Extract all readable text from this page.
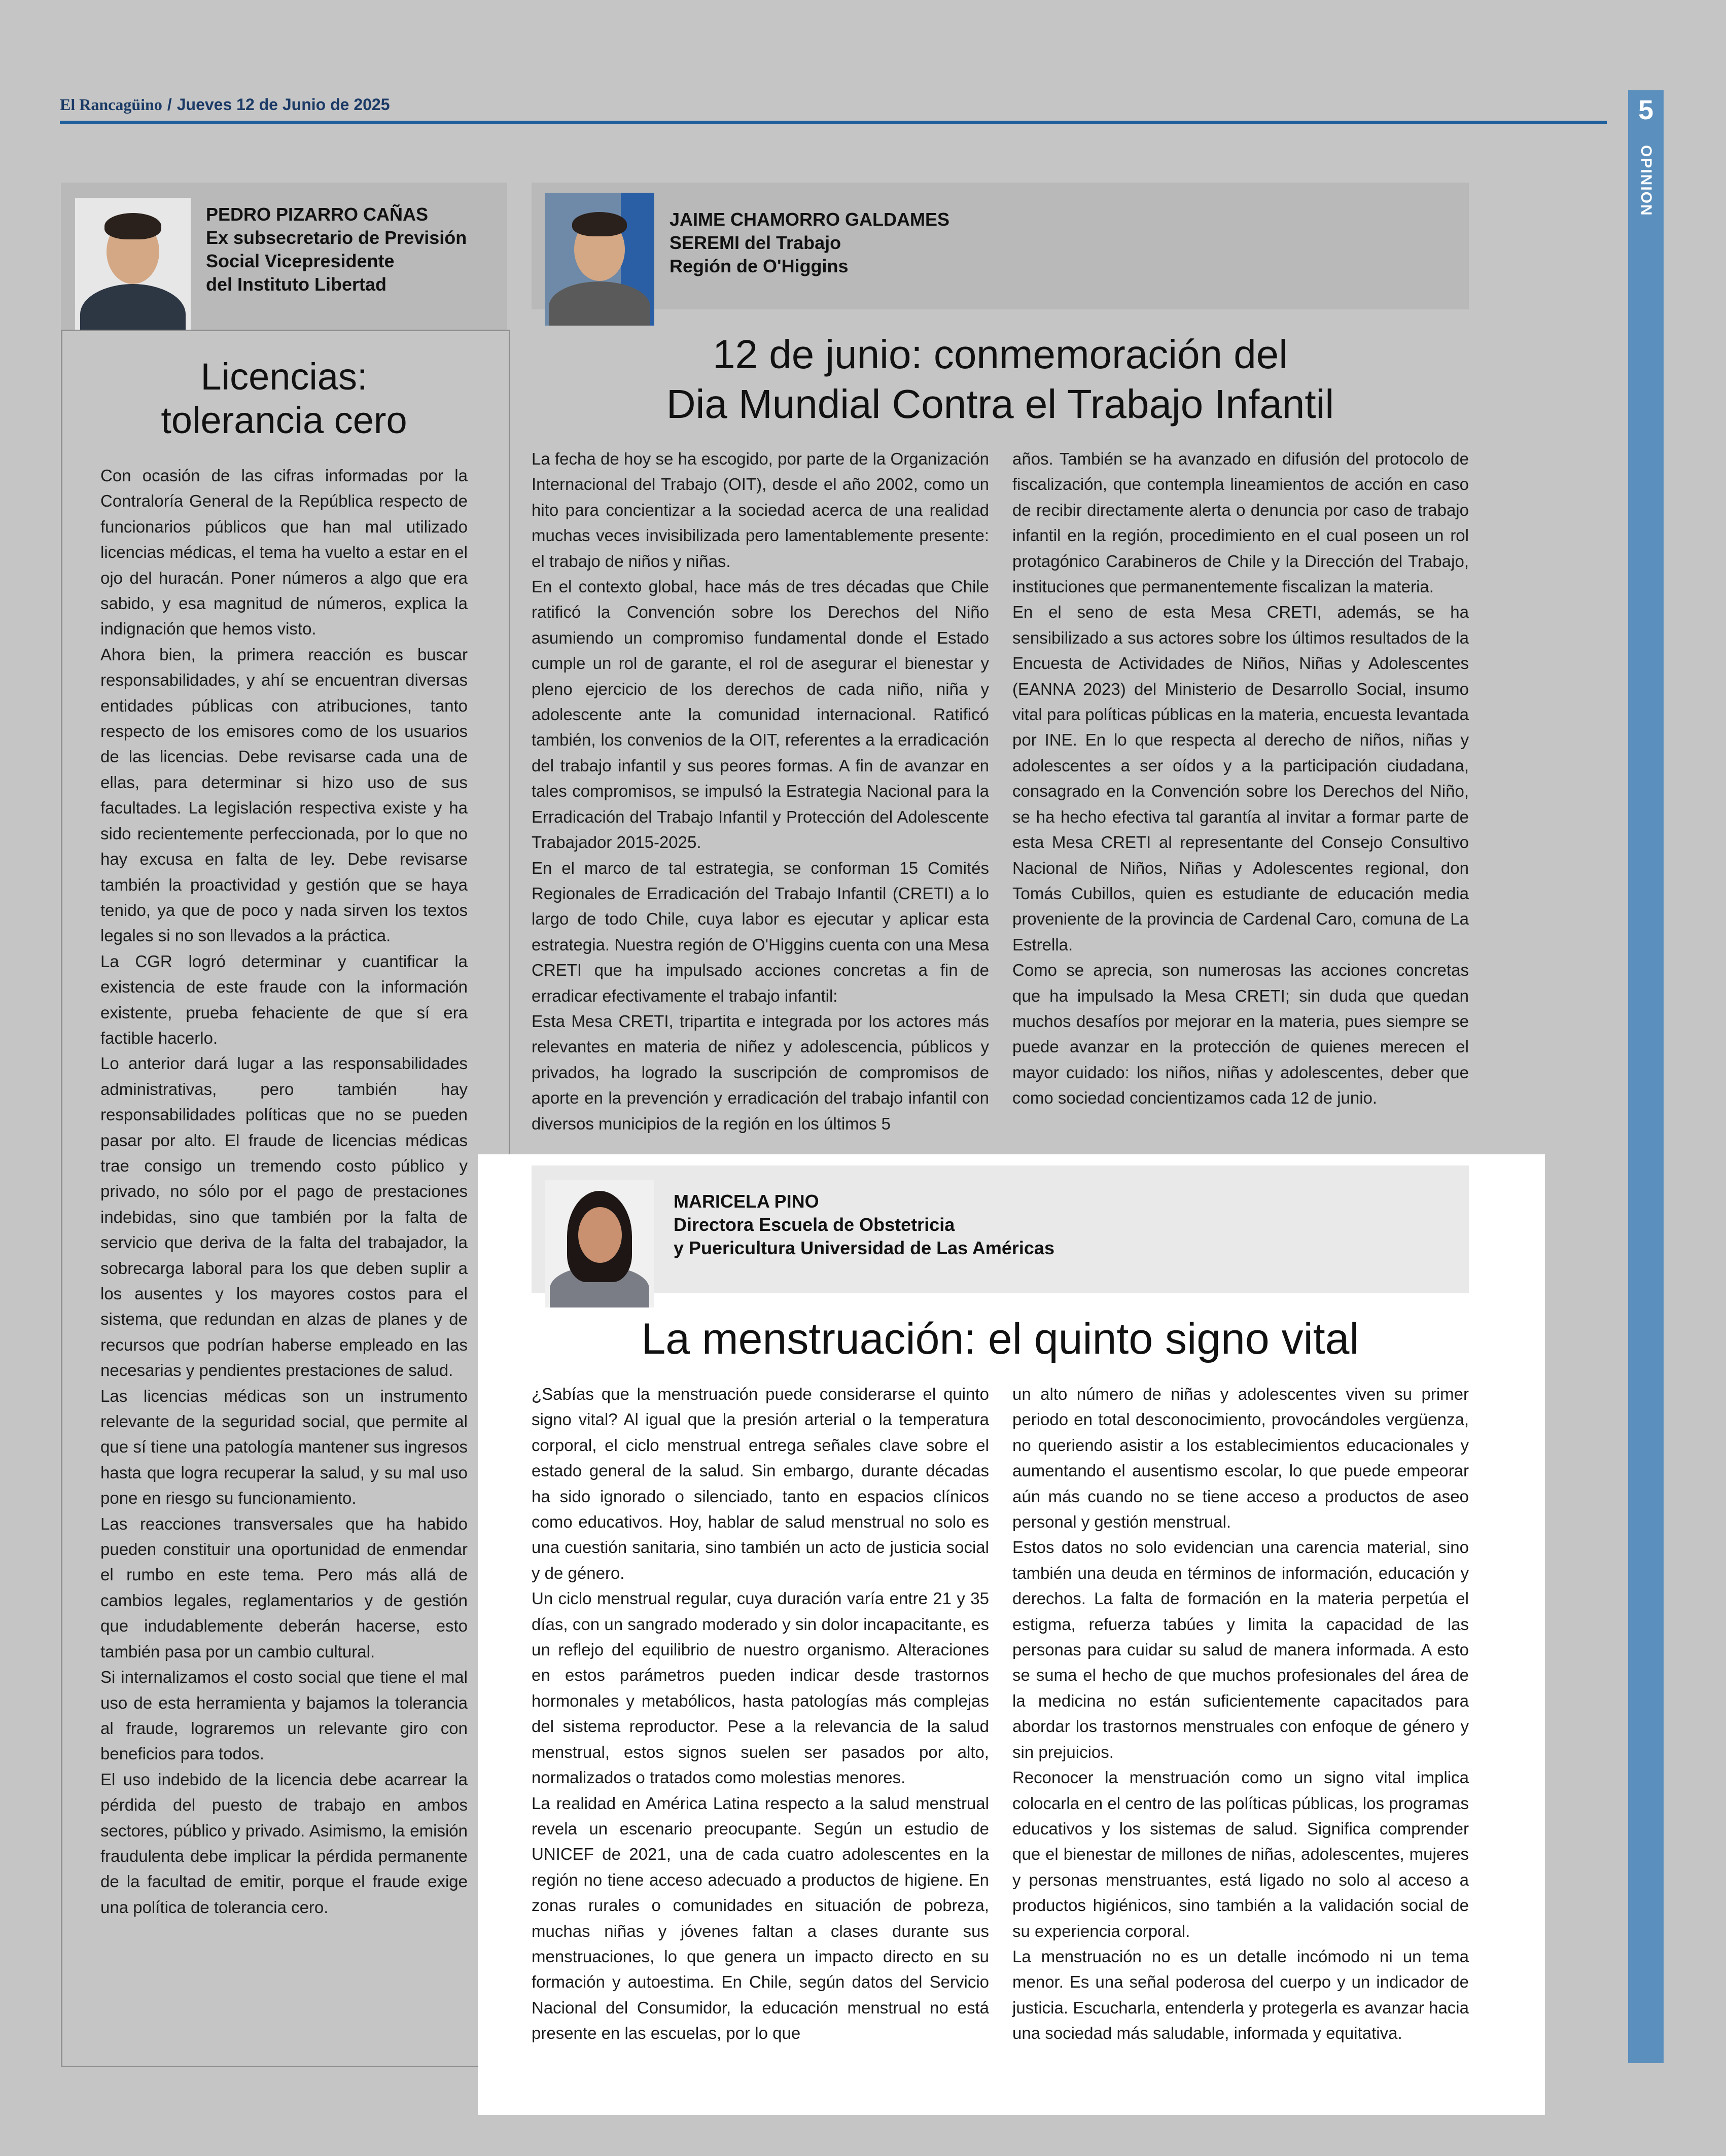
El Rancagüino / Jueves 12 de Junio de 2025	5
OPINION
PEDRO PIZARRO CAÑAS
Ex subsecretario de Previsión
Social Vicepresidente
del Instituto Libertad
Licencias:
tolerancia cero

Con ocasión de las cifras informadas por la Contraloría General de la República respecto de funcionarios públicos que han mal utilizado licencias médicas, el tema ha vuelto a estar en el ojo del huracán. Poner números a algo que era sabido, y esa magnitud de números, explica la indignación que hemos visto.

Ahora bien, la primera reacción es buscar responsabilidades, y ahí se encuentran diversas entidades públicas con atribuciones, tanto respecto de los emisores como de los usuarios de las licencias. Debe revisarse cada una de ellas, para determinar si hizo uso de sus facultades. La legislación respectiva existe y ha sido recientemente perfeccionada, por lo que no hay excusa en falta de ley. Debe revisarse también la proactividad y gestión que se haya tenido, ya que de poco y nada sirven los textos legales si no son llevados a la práctica.

La CGR logró determinar y cuantificar la existencia de este fraude con la información existente, prueba fehaciente de que sí era factible hacerlo.

Lo anterior dará lugar a las responsabilidades administrativas, pero también hay responsabilidades políticas que no se pueden pasar por alto. El fraude de licencias médicas trae consigo un tremendo costo público y privado, no sólo por el pago de prestaciones indebidas, sino que también por la falta de servicio que deriva de la falta del trabajador, la sobrecarga laboral para los que deben suplir a los ausentes y los mayores costos para el sistema, que redundan en alzas de planes y de recursos que podrían haberse empleado en las necesarias y pendientes prestaciones de salud.

Las licencias médicas son un instrumento relevante de la seguridad social, que permite al que sí tiene una patología mantener sus ingresos hasta que logra recuperar la salud, y su mal uso pone en riesgo su funcionamiento.

Las reacciones transversales que ha habido pueden constituir una oportunidad de enmendar el rumbo en este tema. Pero más allá de cambios legales, reglamentarios y de gestión que indudablemente deberán hacerse, esto también pasa por un cambio cultural.

Si internalizamos el costo social que tiene el mal uso de esta herramienta y bajamos la tolerancia al fraude, lograremos un relevante giro con beneficios para todos.

El uso indebido de la licencia debe acarrear la pérdida del puesto de trabajo en ambos sectores, público y privado. Asimismo, la emisión fraudulenta debe implicar la pérdida permanente de la facultad de emitir, porque el fraude exige una política de tolerancia cero.

JAIME CHAMORRO GALDAMES
SEREMI del Trabajo
Región de O'Higgins
12 de junio: conmemoración del
Dia Mundial Contra el Trabajo Infantil

La fecha de hoy se ha escogido, por parte de la Organización Internacional del Trabajo (OIT), desde el año 2002, como un hito para concientizar a la sociedad acerca de una realidad muchas veces invisibilizada pero lamentablemente presente: el trabajo de niños y niñas.

En el contexto global, hace más de tres décadas que Chile ratificó la Convención sobre los Derechos del Niño asumiendo un compromiso fundamental donde el Estado cumple un rol de garante, el rol de asegurar el bienestar y pleno ejercicio de los derechos de cada niño, niña y adolescente ante la comunidad internacional. Ratificó también, los convenios de la OIT, referentes a la erradicación del trabajo infantil y sus peores formas. A fin de avanzar en tales compromisos, se impulsó la Estrategia Nacional para la Erradicación del Trabajo Infantil y Protección del Adolescente Trabajador 2015-2025.

En el marco de tal estrategia, se conforman 15 Comités Regionales de Erradicación del Trabajo Infantil (CRETI) a lo largo de todo Chile, cuya labor es ejecutar y aplicar esta estrategia. Nuestra región de O'Higgins cuenta con una Mesa CRETI que ha impulsado acciones concretas a fin de erradicar efectivamente el trabajo infantil:

Esta Mesa CRETI, tripartita e integrada por los actores más relevantes en materia de niñez y adolescencia, públicos y privados, ha logrado la suscripción de compromisos de aporte en la prevención y erradicación del trabajo infantil con diversos municipios de la región en los últimos 5

años. También se ha avanzado en difusión del protocolo de fiscalización, que contempla lineamientos de acción en caso de recibir directamente alerta o denuncia por caso de trabajo infantil en la región, procedimiento en el cual poseen un rol protagónico Carabineros de Chile y la Dirección del Trabajo, instituciones que permanentemente fiscalizan la materia.

En el seno de esta Mesa CRETI, además, se ha sensibilizado a sus actores sobre los últimos resultados de la Encuesta de Actividades de Niños, Niñas y Adolescentes (EANNA 2023) del Ministerio de Desarrollo Social, insumo vital para políticas públicas en la materia, encuesta levantada por INE. En lo que respecta al derecho de niños, niñas y adolescentes a ser oídos y a la participación ciudadana, consagrado en la Convención sobre los Derechos del Niño, se ha hecho efectiva tal garantía al invitar a formar parte de esta Mesa CRETI al representante del Consejo Consultivo Nacional de Niños, Niñas y Adolescentes regional, don Tomás Cubillos, quien es estudiante de educación media proveniente de la provincia de Cardenal Caro, comuna de La Estrella.

Como se aprecia, son numerosas las acciones concretas que ha impulsado la Mesa CRETI; sin duda que quedan muchos desafíos por mejorar en la materia, pues siempre se puede avanzar en la protección de quienes merecen el mayor cuidado: los niños, niñas y adolescentes, deber que como sociedad concientizamos cada 12 de junio.

MARICELA PINO
Directora Escuela de Obstetricia
y Puericultura Universidad de Las Américas
La menstruación: el quinto signo vital

¿Sabías que la menstruación puede considerarse el quinto signo vital? Al igual que la presión arterial o la temperatura corporal, el ciclo menstrual entrega señales clave sobre el estado general de la salud. Sin embargo, durante décadas ha sido ignorado o silenciado, tanto en espacios clínicos como educativos. Hoy, hablar de salud menstrual no solo es una cuestión sanitaria, sino también un acto de justicia social y de género.

Un ciclo menstrual regular, cuya duración varía entre 21 y 35 días, con un sangrado moderado y sin dolor incapacitante, es un reflejo del equilibrio de nuestro organismo. Alteraciones en estos parámetros pueden indicar desde trastornos hormonales y metabólicos, hasta patologías más complejas del sistema reproductor. Pese a la relevancia de la salud menstrual, estos signos suelen ser pasados por alto, normalizados o tratados como molestias menores.

La realidad en América Latina respecto a la salud menstrual revela un escenario preocupante. Según un estudio de UNICEF de 2021, una de cada cuatro adolescentes en la región no tiene acceso adecuado a productos de higiene. En zonas rurales o comunidades en situación de pobreza, muchas niñas y jóvenes faltan a clases durante sus menstruaciones, lo que genera un impacto directo en su formación y autoestima. En Chile, según datos del Servicio Nacional del Consumidor, la educación menstrual no está presente en las escuelas, por lo que

un alto número de niñas y adolescentes viven su primer periodo en total desconocimiento, provocándoles vergüenza, no queriendo asistir a los establecimientos educacionales y aumentando el ausentismo escolar, lo que puede empeorar aún más cuando no se tiene acceso a productos de aseo personal y gestión menstrual.

Estos datos no solo evidencian una carencia material, sino también una deuda en términos de información, educación y derechos. La falta de formación en la materia perpetúa el estigma, refuerza tabúes y limita la capacidad de las personas para cuidar su salud de manera informada. A esto se suma el hecho de que muchos profesionales del área de la medicina no están suficientemente capacitados para abordar los trastornos menstruales con enfoque de género y sin prejuicios.

Reconocer la menstruación como un signo vital implica colocarla en el centro de las políticas públicas, los programas educativos y los sistemas de salud. Significa comprender que el bienestar de millones de niñas, adolescentes, mujeres y personas menstruantes, está ligado no solo al acceso a productos higiénicos, sino también a la validación social de su experiencia corporal.

La menstruación no es un detalle incómodo ni un tema menor. Es una señal poderosa del cuerpo y un indicador de justicia. Escucharla, entenderla y protegerla es avanzar hacia una sociedad más saludable, informada y equitativa.
